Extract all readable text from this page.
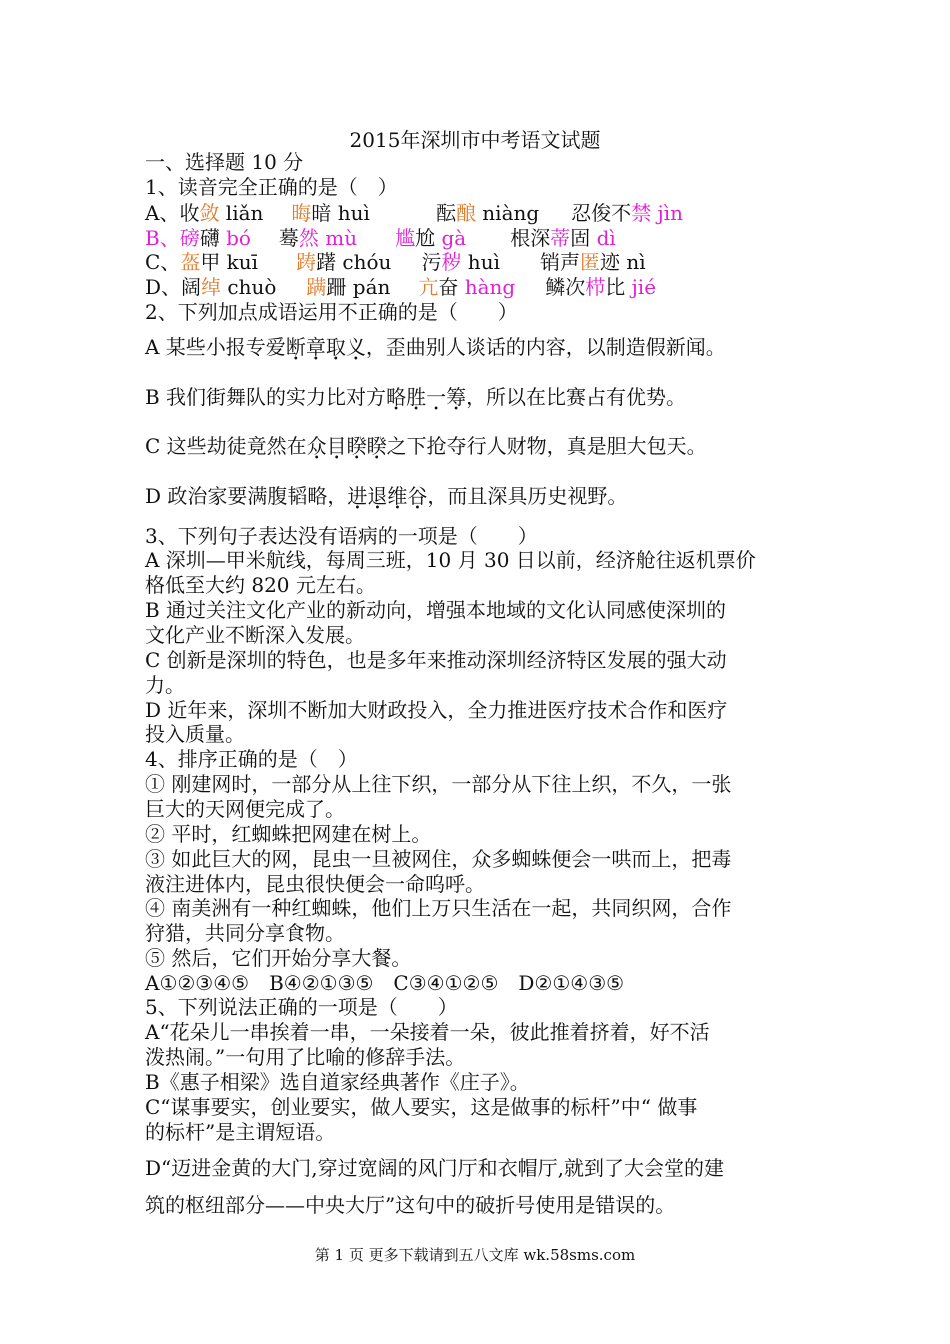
2015年深圳市中考语文试题
一、选择题 10 分
1、读音完全正确的是（　）
A、收敛 liǎn 晦暗 huì	酝酿 niàng 忍俊不禁 jìn
B、磅礴 bó 蓦然 mù 尴尬 gà 根深蒂固 dì
C、盔甲 kuī 踌躇 chóu 污秽 huì 销声匿迹 nì
D、阔绰 chuò 蹒跚 pán 亢奋 hàng 鳞次栉比 jié
2、下列加点成语运用不正确的是（　　）
A 某些小报专爱断章取义，歪曲别人谈话的内容，以制造假新闻。
B 我们街舞队的实力比对方略胜一筹，所以在比赛占有优势。
C 这些劫徒竟然在众目睽睽之下抢夺行人财物，真是胆大包天。
D 政治家要满腹韬略，进退维谷，而且深具历史视野。
3、下列句子表达没有语病的一项是（　　）
A 深圳—甲米航线，每周三班，10 月 30 日以前，经济舱往返机票价
格低至大约 820 元左右。
B 通过关注文化产业的新动向，增强本地域的文化认同感使深圳的
文化产业不断深入发展。
C 创新是深圳的特色，也是多年来推动深圳经济特区发展的强大动
力。
D 近年来，深圳不断加大财政投入，全力推进医疗技术合作和医疗
投入质量。
4、排序正确的是（　）
① 刚建网时，一部分从上往下织，一部分从下往上织，不久，一张
巨大的天网便完成了。
② 平时，红蜘蛛把网建在树上。
③ 如此巨大的网，昆虫一旦被网住，众多蜘蛛便会一哄而上，把毒
液注进体内，昆虫很快便会一命呜呼。
④ 南美洲有一种红蜘蛛，他们上万只生活在一起，共同织网，合作
狩猎，共同分享食物。
⑤ 然后，它们开始分享大餐。
A①②③④⑤　B④②①③⑤　C③④①②⑤　D②①④③⑤
5、下列说法正确的一项是（　　）
A“花朵儿一串挨着一串，一朵接着一朵，彼此推着挤着，好不活
泼热闹。”一句用了比喻的修辞手法。
B《惠子相梁》选自道家经典著作《庄子》。
C“谋事要实，创业要实，做人要实，这是做事的标杆”中“ 做事
的标杆”是主谓短语。
D“迈进金黄的大门,穿过宽阔的风门厅和衣帽厅,就到了大会堂的建
筑的枢纽部分——中央大厅”这句中的破折号使用是错误的。
第 1 页 更多下载请到五八文库 wk.58sms.com
